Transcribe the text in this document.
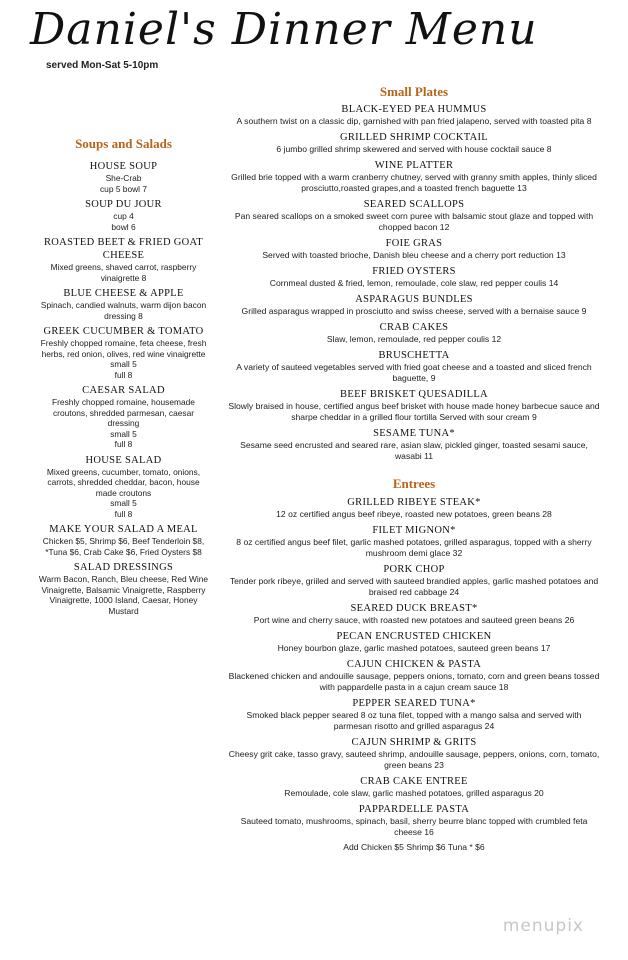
Daniel's Dinner Menu
served Mon-Sat 5-10pm
Soups and Salads
HOUSE SOUP
She-Crab
cup 5 bowl 7
SOUP DU JOUR
cup 4
bowl 6
ROASTED BEET & FRIED GOAT CHEESE
Mixed greens, shaved carrot, raspberry vinaigrette 8
BLUE CHEESE & APPLE
Spinach, candied walnuts, warm dijon bacon dressing 8
GREEK CUCUMBER & TOMATO
Freshly chopped romaine, feta cheese, fresh herbs, red onion, olives, red wine vinaigrette
small 5
full 8
CAESAR SALAD
Freshly chopped romaine, housemade croutons, shredded parmesan, caesar dressing
small 5
full 8
HOUSE SALAD
Mixed greens, cucumber, tomato, onions, carrots, shredded cheddar, bacon, house made croutons
small 5
full 8
MAKE YOUR SALAD A MEAL
Chicken $5, Shrimp $6, Beef Tenderloin $8, *Tuna $6, Crab Cake $6, Fried Oysters $8
SALAD DRESSINGS
Warm Bacon, Ranch, Bleu cheese, Red Wine Vinaigrette, Balsamic Vinaigrette, Raspberry Vinaigrette, 1000 Island, Caesar, Honey Mustard
Small Plates
BLACK-EYED PEA HUMMUS
A southern twist on a classic dip, garnished with pan fried jalapeno, served with toasted pita 8
GRILLED SHRIMP COCKTAIL
6 jumbo grilled shrimp skewered and served with house cocktail sauce 8
WINE PLATTER
Grilled brie topped with a warm cranberry chutney, served with granny smith apples, thinly sliced prosciutto,roasted grapes,and a toasted french baguette 13
SEARED SCALLOPS
Pan seared scallops on a smoked sweet corn puree with balsamic stout glaze and topped with chopped bacon 12
FOIE GRAS
Served with toasted brioche, Danish bleu cheese and a cherry port reduction 13
FRIED OYSTERS
Cornmeal dusted & fried, lemon, remoulade, cole slaw, red pepper coulis 14
ASPARAGUS BUNDLES
Grilled asparagus wrapped in prosciutto and swiss cheese, served with a bernaise sauce 9
CRAB CAKES
Slaw, lemon, remoulade, red pepper coulis 12
BRUSCHETTA
A variety of sauteed vegetables served with fried goat cheese and a toasted and sliced french baguette, 9
BEEF BRISKET QUESADILLA
Slowly braised in house, certified angus beef brisket with house made honey barbecue sauce and sharpe cheddar in a grilled flour tortilla Served with sour cream 9
SESAME TUNA*
Sesame seed encrusted and seared rare, asian slaw, pickled ginger, toasted sesami sauce, wasabi 11
Entrees
GRILLED RIBEYE STEAK*
12 oz certified angus beef ribeye, roasted new potatoes, green beans 28
FILET MIGNON*
8 oz certified angus beef filet, garlic mashed potatoes, grilled asparagus, topped with a sherry mushroom demi glace 32
PORK CHOP
Tender pork ribeye, griiled and served with sauteed brandied apples, garlic mashed potatoes and braised red cabbage 24
SEARED DUCK BREAST*
Port wine and cherry sauce, with roasted new potatoes and sauteed green beans 26
PECAN ENCRUSTED CHICKEN
Honey bourbon glaze, garlic mashed potatoes, sauteed green beans 17
CAJUN CHICKEN & PASTA
Blackened chicken and andouille sausage, peppers onions, tomato, corn and green beans tossed with pappardelle pasta in a cajun cream sauce 18
PEPPER SEARED TUNA*
Smoked black pepper seared 8 oz tuna filet, topped with a mango salsa and served with parmesan risotto and grilled asparagus 24
CAJUN SHRIMP & GRITS
Cheesy grit cake, tasso gravy, sauteed shrimp, andouille sausage, peppers, onions, corn, tomato, green beans 23
CRAB CAKE ENTREE
Remoulade, cole slaw, garlic mashed potatoes, grilled asparagus 20
PAPPARDELLE PASTA
Sauteed tomato, mushrooms, spinach, basil, sherry beurre blanc topped with crumbled feta cheese 16
Add Chicken $5 Shrimp $6 Tuna * $6
menupix
